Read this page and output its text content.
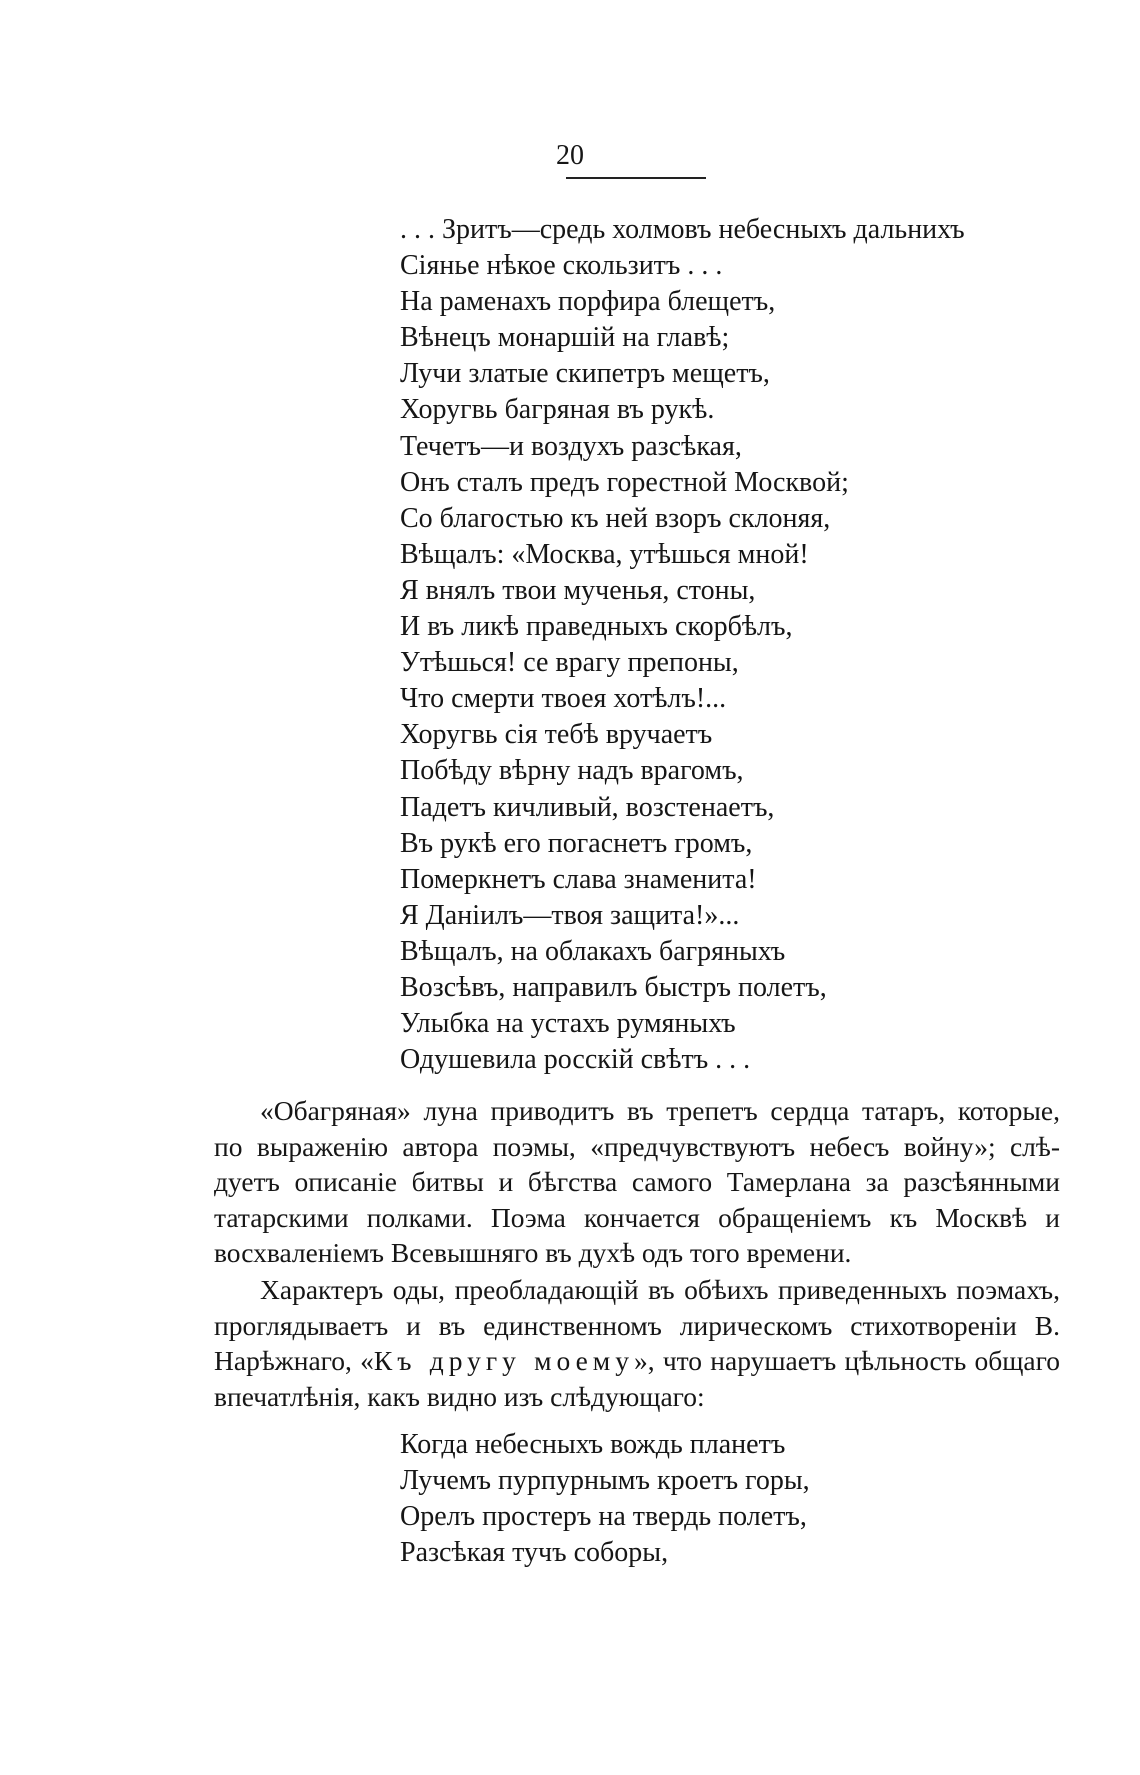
20
. . . Зритъ—средь холмовъ небесныхъ дальнихъ
Сіянье нѣкое скользитъ . . .
На раменахъ порфира блещетъ,
Вѣнецъ монаршій на главѣ;
Лучи златые скипетръ мещетъ,
Хоругвь багряная въ рукѣ.
Течетъ—и воздухъ разсѣкая,
Онъ сталъ предъ горестной Москвой;
Со благостью къ ней взоръ склоняя,
Вѣщалъ: «Москва, утѣшься мной!
Я внялъ твои мученья, стоны,
И въ ликѣ праведныхъ скорбѣлъ,
Утѣшься! се врагу препоны,
Что смерти твоея хотѣлъ!...
Хоругвь сія тебѣ вручаетъ
Побѣду вѣрну надъ врагомъ,
Падетъ кичливый, возстенаетъ,
Въ рукѣ его погаснетъ громъ,
Померкнетъ слава знаменита!
Я Даніилъ—твоя защита!»...
Вѣщалъ, на облакахъ багряныхъ
Возсѣвъ, направилъ быстръ полетъ,
Улыбка на устахъ румяныхъ
Одушевила росскій свѣтъ . . .
«Обагряная» луна приводитъ въ трепетъ сердца татаръ, которые,
по выраженію автора поэмы, «предчувствуютъ небесъ войну»; слѣ-
дуетъ описаніе битвы и бѣгства самого Тамерлана за разсѣянными
татарскими полками. Поэма кончается обращеніемъ къ Москвѣ и
восхваленіемъ Всевышняго въ духѣ одъ того времени.
Характеръ оды, преобладающій въ обѣихъ приведенныхъ поэмахъ,
проглядываетъ и въ единственномъ лирическомъ стихотвореніи В.
Нарѣжнаго, «Къ другу моему», что нарушаетъ цѣльность общаго
впечатлѣнія, какъ видно изъ слѣдующаго:
Когда небесныхъ вождь планетъ
Лучемъ пурпурнымъ кроетъ горы,
Орелъ простеръ на твердь полетъ,
Разсѣкая тучъ соборы,
